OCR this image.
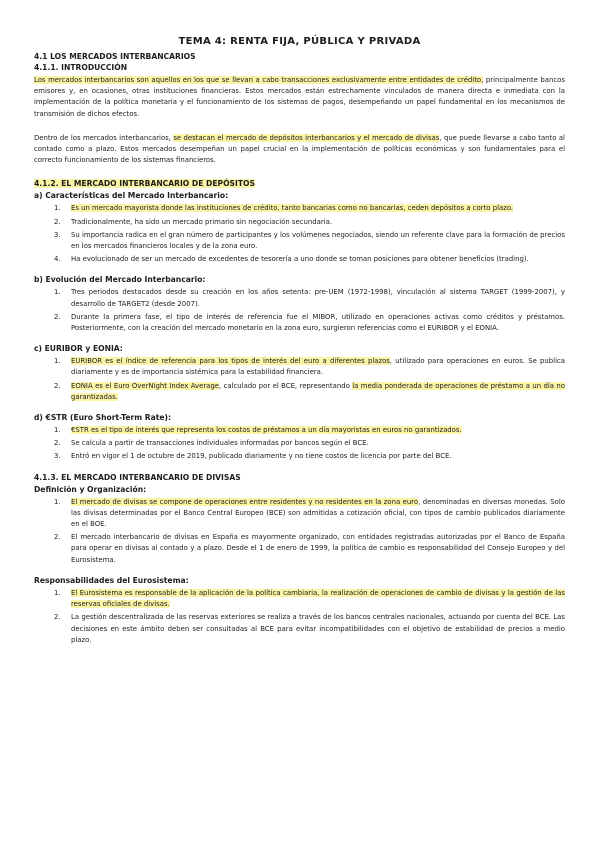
TEMA 4: RENTA FIJA, PÚBLICA Y PRIVADA
4.1 LOS MERCADOS INTERBANCARIOS
4.1.1. INTRODUCCIÓN

Los mercados interbancarios son aquellos en los que se llevan a cabo transacciones exclusivamente entre entidades de crédito, principalmente bancos emisores y, en ocasiones, otras instituciones financieras. Estos mercados están estrechamente vinculados de manera directa e inmediata con la implementación de la política monetaria y el funcionamiento de los sistemas de pagos, desempeñando un papel fundamental en los mecanismos de transmisión de dichos efectos.

Dentro de los mercados interbancarios, se destacan el mercado de depósitos interbancarios y el mercado de divisas, que puede llevarse a cabo tanto al contado como a plazo. Estos mercados desempeñan un papel crucial en la implementación de políticas económicas y son fundamentales para el correcto funcionamiento de los sistemas financieros.

4.1.2. EL MERCADO INTERBANCARIO DE DEPÓSITOS
a) Características del Mercado Interbancario:
1. Es un mercado mayorista donde las instituciones de crédito, tanto bancarias como no bancarias, ceden depósitos a corto plazo.
2. Tradicionalmente, ha sido un mercado primario sin negociación secundaria.
3. Su importancia radica en el gran número de participantes y los volúmenes negociados, siendo un referente clave para la formación de precios en los mercados financieros locales y de la zona euro.
4. Ha evolucionado de ser un mercado de excedentes de tesorería a uno donde se toman posiciones para obtener beneficios (trading).
b) Evolución del Mercado Interbancario:
1. Tres periodos destacados desde su creación en los años setenta: pre-UEM (1972-1998), vinculación al sistema TARGET (1999-2007), y desarrollo de TARGET2 (desde 2007).
2. Durante la primera fase, el tipo de interés de referencia fue el MIBOR, utilizado en operaciones activas como créditos y préstamos. Posteriormente, con la creación del mercado monetario en la zona euro, surgieron referencias como el EURIBOR y el EONIA.
c) EURIBOR y EONIA:
1. EURIBOR es el índice de referencia para los tipos de interés del euro a diferentes plazos, utilizado para operaciones en euros. Se publica diariamente y es de importancia sistémica para la estabilidad financiera.
2. EONIA es el Euro OverNight Index Average, calculado por el BCE, representando la media ponderada de operaciones de préstamo a un día no garantizadas.
d) €STR (Euro Short-Term Rate):
1. €STR es el tipo de interés que representa los costos de préstamos a un día mayoristas en euros no garantizados.
2. Se calcula a partir de transacciones individuales informadas por bancos según el BCE.
3. Entró en vigor el 1 de octubre de 2019, publicado diariamente y no tiene costos de licencia por parte del BCE.
4.1.3. EL MERCADO INTERBANCARIO DE DIVISAS
Definición y Organización:
1. El mercado de divisas se compone de operaciones entre residentes y no residentes en la zona euro, denominadas en diversas monedas. Solo las divisas determinadas por el Banco Central Europeo (BCE) son admitidas a cotización oficial, con tipos de cambio publicados diariamente en el BOE.
2. El mercado interbancario de divisas en España es mayormente organizado, con entidades registradas autorizadas por el Banco de España para operar en divisas al contado y a plazo. Desde el 1 de enero de 1999, la política de cambio es responsabilidad del Consejo Europeo y del Eurosistema.
Responsabilidades del Eurosistema:
1. El Eurosistema es responsable de la aplicación de la política cambiaria, la realización de operaciones de cambio de divisas y la gestión de las reservas oficiales de divisas.
2. La gestión descentralizada de las reservas exteriores se realiza a través de los bancos centrales nacionales, actuando por cuenta del BCE. Las decisiones en este ámbito deben ser consultadas al BCE para evitar incompatibilidades con el objetivo de estabilidad de precios a medio plazo.
